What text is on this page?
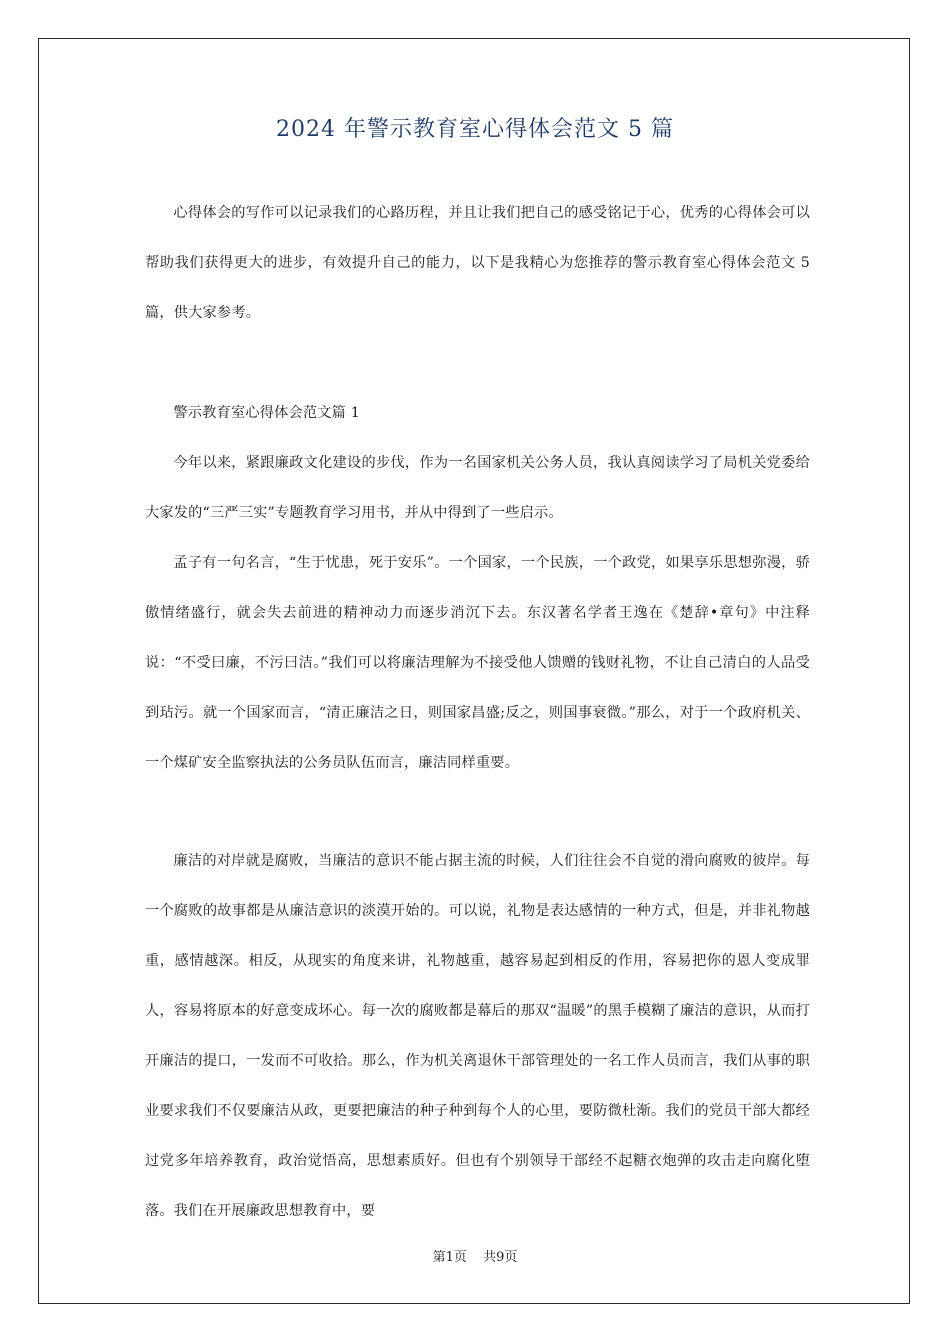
2024 年警示教育室心得体会范文 5 篇

心得体会的写作可以记录我们的心路历程，并且让我们把自己的感受铭记于心，优秀的心得体会可以帮助我们获得更大的进步，有效提升自己的能力，以下是我精心为您推荐的警示教育室心得体会范文 5 篇，供大家参考。

警示教育室心得体会范文篇 1

今年以来，紧跟廉政文化建设的步伐，作为一名国家机关公务人员，我认真阅读学习了局机关党委给大家发的“三严三实”专题教育学习用书，并从中得到了一些启示。

孟子有一句名言，“生于忧患，死于安乐”。一个国家，一个民族，一个政党，如果享乐思想弥漫，骄傲情绪盛行，就会失去前进的精神动力而逐步消沉下去。东汉著名学者王逸在《楚辞•章句》中注释说：“不受曰廉，不污曰洁。”我们可以将廉洁理解为不接受他人馈赠的钱财礼物，不让自己清白的人品受到玷污。就一个国家而言，“清正廉洁之日，则国家昌盛;反之，则国事衰微。”那么，对于一个政府机关、一个煤矿安全监察执法的公务员队伍而言，廉洁同样重要。

廉洁的对岸就是腐败，当廉洁的意识不能占据主流的时候，人们往往会不自觉的滑向腐败的彼岸。每一个腐败的故事都是从廉洁意识的淡漠开始的。可以说，礼物是表达感情的一种方式，但是，并非礼物越重，感情越深。相反，从现实的角度来讲，礼物越重，越容易起到相反的作用，容易把你的恩人变成罪人，容易将原本的好意变成坏心。每一次的腐败都是幕后的那双“温暖”的黑手模糊了廉洁的意识，从而打开廉洁的提口，一发而不可收拾。那么，作为机关离退休干部管理处的一名工作人员而言，我们从事的职业要求我们不仅要廉洁从政，更要把廉洁的种子种到每个人的心里，要防微杜渐。我们的党员干部大都经过党多年培养教育，政治觉悟高，思想素质好。但也有个别领导干部经不起糖衣炮弹的攻击走向腐化堕落。我们在开展廉政思想教育中，要

第1页 共9页
